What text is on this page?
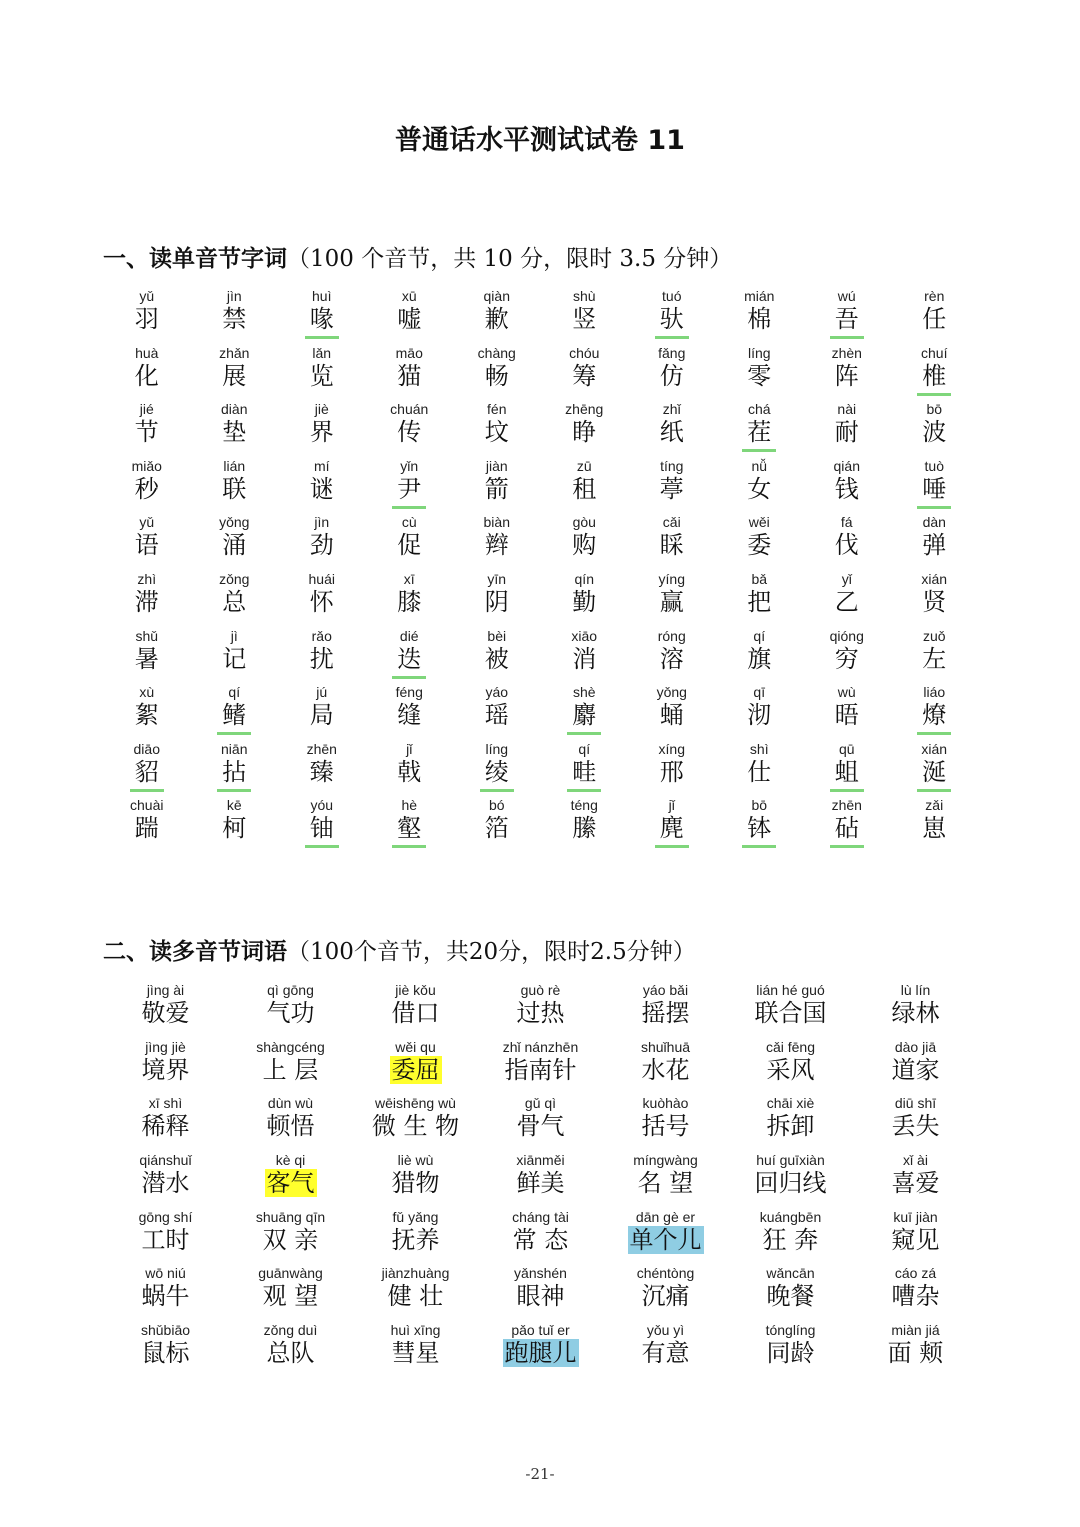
普通话水平测试试卷 11
一、读单音节字词（100 个音节，共 10 分，限时 3.5 分钟）
yǔ
羽
jìn
禁
huì
喙
xū
嘘
qiàn
歉
shù
竖
tuó
驮
mián
棉
wú
吾
rèn
任
huà
化
zhǎn
展
lǎn
览
māo
猫
chàng
畅
chóu
筹
fǎng
仿
líng
零
zhèn
阵
chuí
椎
jié
节
diàn
垫
jiè
界
chuán
传
fén
坟
zhēng
睁
zhǐ
纸
chá
茬
nài
耐
bō
波
miǎo
秒
lián
联
mí
谜
yǐn
尹
jiàn
箭
zū
租
tíng
葶
nǚ
女
qián
钱
tuò
唾
yǔ
语
yǒng
涌
jìn
劲
cù
促
biàn
辫
gòu
购
cǎi
睬
wěi
委
fá
伐
dàn
弹
zhì
滞
zǒng
总
huái
怀
xī
膝
yīn
阴
qín
勤
yíng
赢
bǎ
把
yǐ
乙
xián
贤
shǔ
暑
jì
记
rǎo
扰
dié
迭
bèi
被
xiāo
消
róng
溶
qí
旗
qióng
穷
zuǒ
左
xù
絮
qí
鳍
jú
局
féng
缝
yáo
瑶
shè
麝
yǒng
蛹
qī
沏
wù
晤
liáo
燎
diāo
貂
niān
拈
zhēn
臻
jǐ
戟
líng
绫
qí
畦
xíng
邢
shì
仕
qū
蛆
xián
涎
chuài
踹
kē
柯
yóu
铀
hè
壑
bó
箔
téng
縢
jǐ
麂
bō
钵
zhēn
砧
zǎi
崽
二、读多音节词语（100个音节，共20分，限时2.5分钟）
jìng ài
敬爱
qì gōng
气功
jiè kǒu
借口
guò rè
过热
yáo bǎi
摇摆
lián hé guó
联合国
lù lín
绿林
jìng jiè
境界
shàngcéng
上 层
wěi qu
委屈
zhǐ nánzhēn
指南针
shuǐhuā
水花
cǎi fēng
采风
dào jiā
道家
xī shì
稀释
dùn wù
顿悟
wēishēng wù
微 生 物
gǔ qì
骨气
kuòhào
括号
chāi xiè
拆卸
diū shī
丢失
qiánshuǐ
潜水
kè qi
客气
liè wù
猎物
xiānměi
鲜美
míngwàng
名 望
huí guīxiàn
回归线
xǐ ài
喜爱
gōng shí
工时
shuāng qīn
双 亲
fǔ yǎng
抚养
cháng tài
常 态
dān gè er
单个儿
kuángbēn
狂 奔
kuī jiàn
窥见
wō niú
蜗牛
guānwàng
观 望
jiànzhuàng
健 壮
yǎnshén
眼神
chéntòng
沉痛
wǎncān
晚餐
cáo zá
嘈杂
shǔbiāo
鼠标
zǒng duì
总队
huì xīng
彗星
pǎo tuǐ er
跑腿儿
yǒu yì
有意
tónglíng
同龄
miàn jiá
面 颊
-21-
